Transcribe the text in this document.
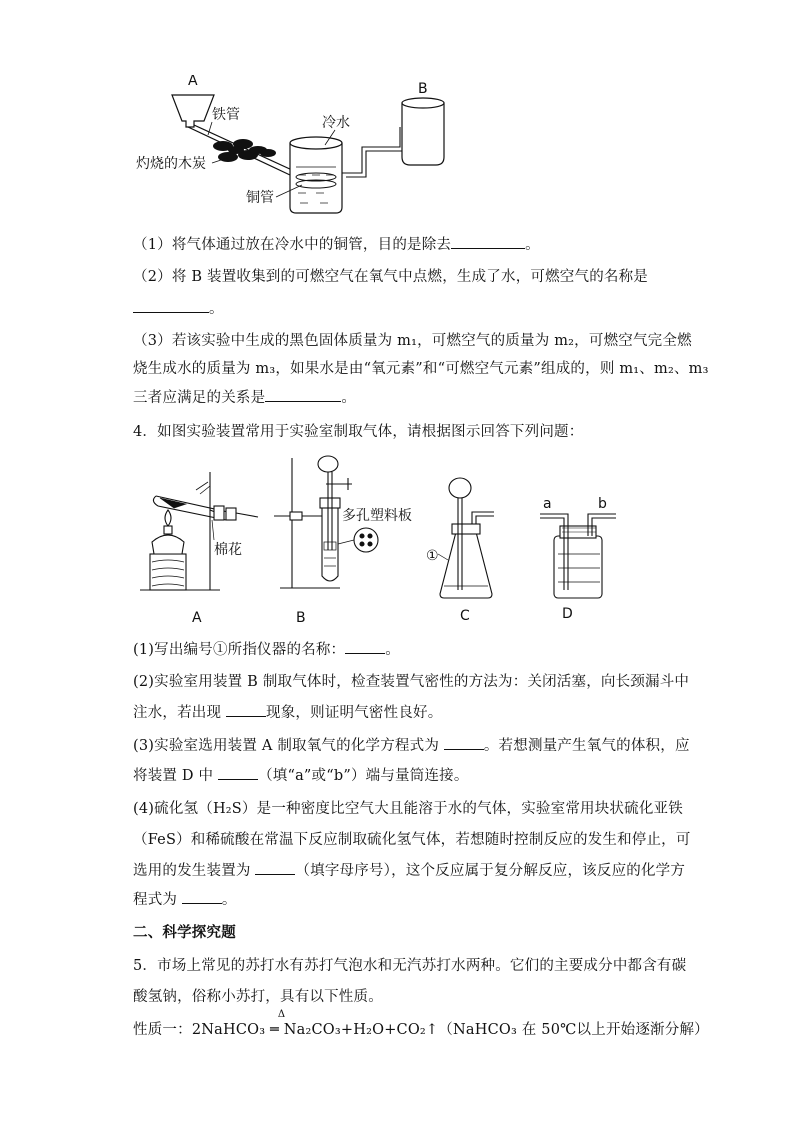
A	B
铁管
灼烧的木炭
冷水
铜管
（1）将气体通过放在冷水中的铜管，目的是除去	。
（2）将 B 装置收集到的可燃空气在氧气中点燃，生成了水，可燃空气的名称是
。
（3）若该实验中生成的黑色固体质量为 m₁，可燃空气的质量为 m₂，可燃空气完全燃
烧生成水的质量为 m₃，如果水是由“氧元素”和“可燃空气元素”组成的，则 m₁、m₂、m₃
三者应满足的关系是	。
4．如图实验装置常用于实验室制取气体，请根据图示回答下列问题：
棉花
A
多孔塑料板
B
①
C
a	b
D
(1)写出编号①所指仪器的名称：	。
(2)实验室用装置 B 制取气体时，检查装置气密性的方法为：关闭活塞，向长颈漏斗中
注水，若出现	现象，则证明气密性良好。
(3)实验室选用装置 A 制取氧气的化学方程式为	。若想测量产生氧气的体积，应
将装置 D 中	（填“a”或“b”）端与量筒连接。
(4)硫化氢（H₂S）是一种密度比空气大且能溶于水的气体，实验室常用块状硫化亚铁
（FeS）和稀硫酸在常温下反应制取硫化氢气体，若想随时控制反应的发生和停止，可
选用的发生装置为	（填字母序号），这个反应属于复分解反应，该反应的化学方
程式为	。
二、科学探究题
5．市场上常见的苏打水有苏打气泡水和无汽苏打水两种。它们的主要成分中都含有碳
酸氢钠，俗称小苏打，具有以下性质。
性质一：
Δ
2NaHCO₃ ═ Na₂CO₃+H₂O+CO₂↑（NaHCO₃ 在 50℃以上开始逐渐分解）
